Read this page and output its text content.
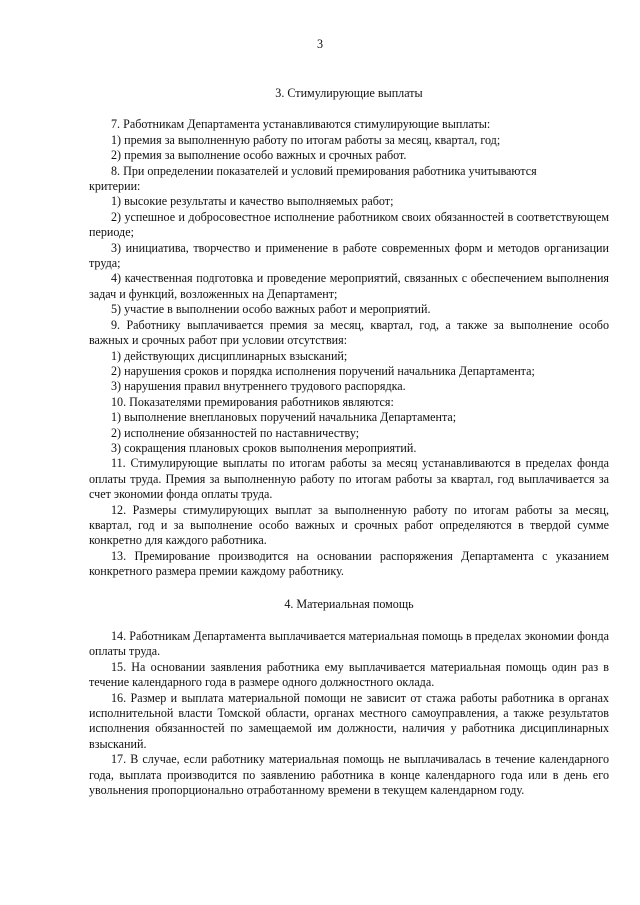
3
3. Стимулирующие выплаты

7. Работникам Департамента устанавливаются стимулирующие выплаты:

1) премия за выполненную работу по итогам работы за месяц, квартал, год;

2) премия за выполнение особо важных и срочных работ.

8. При определении показателей и условий премирования работника учитываются

критерии:

1) высокие результаты и качество выполняемых работ;

2) успешное и добросовестное исполнение работником своих обязанностей в соответствующем периоде;

3) инициатива, творчество и применение в работе современных форм и методов организации труда;

4) качественная подготовка и проведение мероприятий, связанных с обеспечением выполнения задач и функций, возложенных на Департамент;

5) участие в выполнении особо важных работ и мероприятий.

9. Работнику выплачивается премия за месяц, квартал, год, а также за выполнение особо важных и срочных работ при условии отсутствия:

1) действующих дисциплинарных взысканий;

2) нарушения сроков и порядка исполнения поручений начальника Департамента;

3) нарушения правил внутреннего трудового распорядка.

10. Показателями премирования работников являются:

1) выполнение внеплановых поручений начальника Департамента;

2) исполнение обязанностей по наставничеству;

3) сокращения плановых сроков выполнения мероприятий.

11. Стимулирующие выплаты по итогам работы за месяц устанавливаются в пределах фонда оплаты труда. Премия за выполненную работу по итогам работы за квартал, год выплачивается за счет экономии фонда оплаты труда.

12. Размеры стимулирующих выплат за выполненную работу по итогам работы за месяц, квартал, год и за выполнение особо важных и срочных работ определяются в твердой сумме конкретно для каждого работника.

13. Премирование производится на основании распоряжения Департамента с указанием конкретного размера премии каждому работнику.

4. Материальная помощь

14. Работникам Департамента выплачивается материальная помощь в пределах экономии фонда оплаты труда.

15. На основании заявления работника ему выплачивается материальная помощь один раз в течение календарного года в размере одного должностного оклада.

16. Размер и выплата материальной помощи не зависит от стажа работы работника в органах исполнительной власти Томской области, органах местного самоуправления, а также результатов исполнения обязанностей по замещаемой им должности, наличия у работника дисциплинарных взысканий.

17. В случае, если работнику материальная помощь не выплачивалась в течение календарного года, выплата производится по заявлению работника в конце календарного года или в день его увольнения пропорционально отработанному времени в текущем календарном году.
